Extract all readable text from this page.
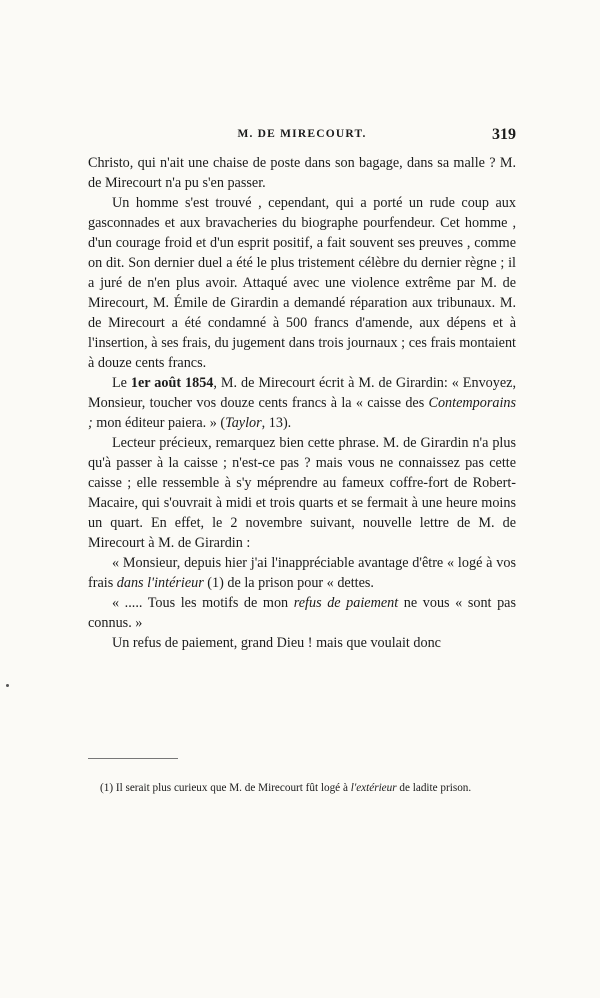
M. DE MIRECOURT.	319

Christo, qui n'ait une chaise de poste dans son bagage, dans sa malle ? M. de Mirecourt n'a pu s'en passer.

Un homme s'est trouvé , cependant, qui a porté un rude coup aux gasconnades et aux bravacheries du biographe pourfendeur. Cet homme , d'un courage froid et d'un esprit positif, a fait souvent ses preuves , comme on dit. Son dernier duel a été le plus tristement célèbre du dernier règne ; il a juré de n'en plus avoir. Attaqué avec une violence extrême par M. de Mirecourt, M. Émile de Girardin a demandé réparation aux tribunaux. M. de Mirecourt a été condamné à 500 francs d'amende, aux dépens et à l'insertion, à ses frais, du jugement dans trois journaux ; ces frais montaient à douze cents francs.

Le 1er août 1854, M. de Mirecourt écrit à M. de Girardin: « Envoyez, Monsieur, toucher vos douze cents francs à la « caisse des Contemporains ; mon éditeur paiera. » (Taylor, 13).

Lecteur précieux, remarquez bien cette phrase. M. de Girardin n'a plus qu'à passer à la caisse ; n'est-ce pas ? mais vous ne connaissez pas cette caisse ; elle ressemble à s'y méprendre au fameux coffre-fort de Robert-Macaire, qui s'ouvrait à midi et trois quarts et se fermait à une heure moins un quart. En effet, le 2 novembre suivant, nouvelle lettre de M. de Mirecourt à M. de Girardin :

« Monsieur, depuis hier j'ai l'inappréciable avantage d'être « logé à vos frais dans l'intérieur (1) de la prison pour « dettes.

« ..... Tous les motifs de mon refus de paiement ne vous « sont pas connus. »

Un refus de paiement, grand Dieu ! mais que voulait donc

(1) Il serait plus curieux que M. de Mirecourt fût logé à l'extérieur de ladite prison.
